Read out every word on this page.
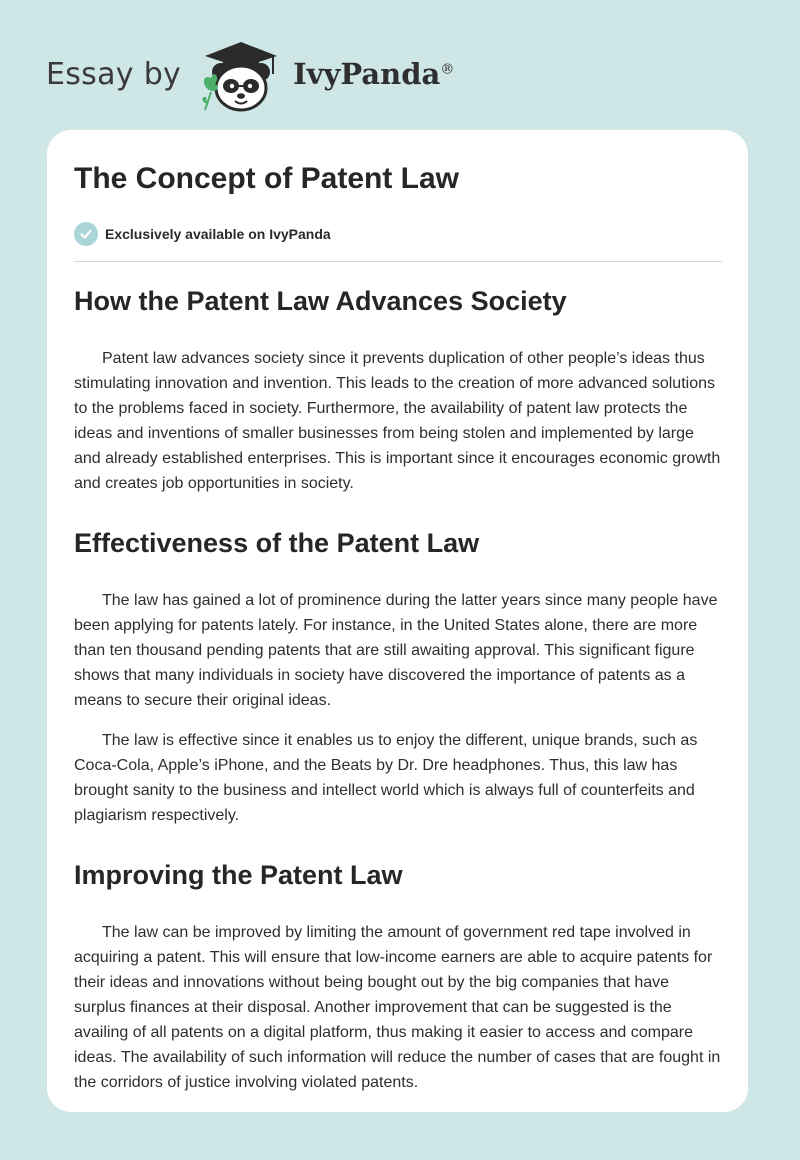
Essay by	IvyPanda®
The Concept of Patent Law
Exclusively available on IvyPanda
How the Patent Law Advances Society

Patent law advances society since it prevents duplication of other people’s ideas thus stimulating innovation and invention. This leads to the creation of more advanced solutions to the problems faced in society. Furthermore, the availability of patent law protects the ideas and inventions of smaller businesses from being stolen and implemented by large and already established enterprises. This is important since it encourages economic growth and creates job opportunities in society.

Effectiveness of the Patent Law

The law has gained a lot of prominence during the latter years since many people have been applying for patents lately. For instance, in the United States alone, there are more than ten thousand pending patents that are still awaiting approval. This significant figure shows that many individuals in society have discovered the importance of patents as a means to secure their original ideas.

The law is effective since it enables us to enjoy the different, unique brands, such as Coca-Cola, Apple’s iPhone, and the Beats by Dr. Dre headphones. Thus, this law has brought sanity to the business and intellect world which is always full of counterfeits and plagiarism respectively.

Improving the Patent Law

The law can be improved by limiting the amount of government red tape involved in acquiring a patent. This will ensure that low-income earners are able to acquire patents for their ideas and innovations without being bought out by the big companies that have surplus finances at their disposal. Another improvement that can be suggested is the availing of all patents on a digital platform, thus making it easier to access and compare ideas. The availability of such information will reduce the number of cases that are fought in the corridors of justice involving violated patents.
